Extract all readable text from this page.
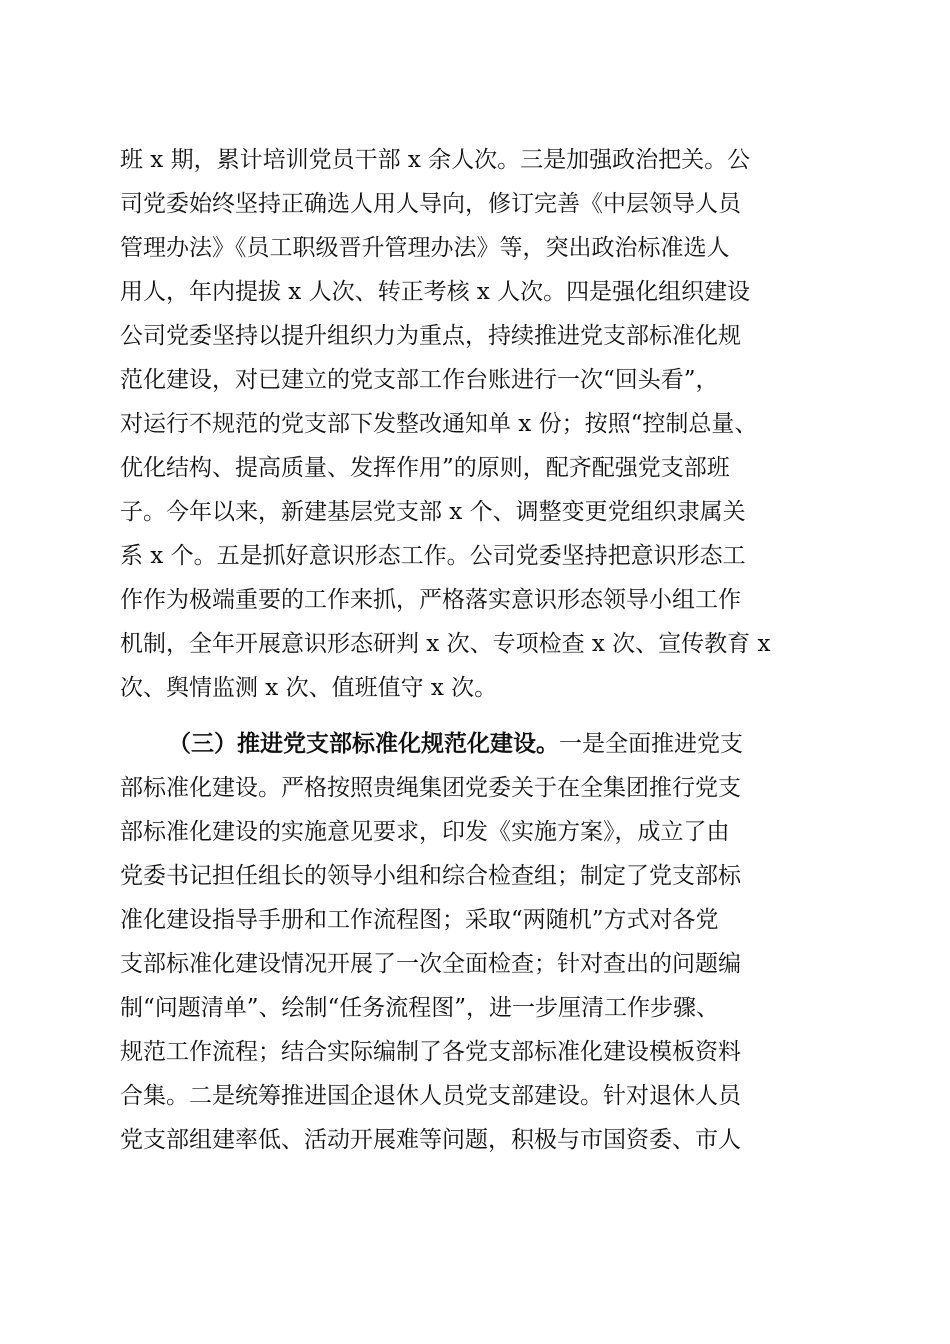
班 x 期，累计培训党员干部 x 余人次。三是加强政治把关。公
司党委始终坚持正确选人用人导向，修订完善《中层领导人员
管理办法》《员工职级晋升管理办法》等，突出政治标准选人
用人，年内提拔 x 人次、转正考核 x 人次。四是强化组织建设
公司党委坚持以提升组织力为重点，持续推进党支部标准化规
范化建设，对已建立的党支部工作台账进行一次“回头看”，
对运行不规范的党支部下发整改通知单 x 份；按照“控制总量、
优化结构、提高质量、发挥作用”的原则，配齐配强党支部班
子。今年以来，新建基层党支部 x 个、调整变更党组织隶属关
系 x 个。五是抓好意识形态工作。公司党委坚持把意识形态工
作作为极端重要的工作来抓，严格落实意识形态领导小组工作
机制，全年开展意识形态研判 x 次、专项检查 x 次、宣传教育 x
次、舆情监测 x 次、值班值守 x 次。
（三）推进党支部标准化规范化建设。一是全面推进党支
部标准化建设。严格按照贵绳集团党委关于在全集团推行党支
部标准化建设的实施意见要求，印发《实施方案》，成立了由
党委书记担任组长的领导小组和综合检查组；制定了党支部标
准化建设指导手册和工作流程图；采取“两随机”方式对各党
支部标准化建设情况开展了一次全面检查；针对查出的问题编
制“问题清单”、绘制“任务流程图”，进一步厘清工作步骤、
规范工作流程；结合实际编制了各党支部标准化建设模板资料
合集。二是统筹推进国企退休人员党支部建设。针对退休人员
党支部组建率低、活动开展难等问题，积极与市国资委、市人
